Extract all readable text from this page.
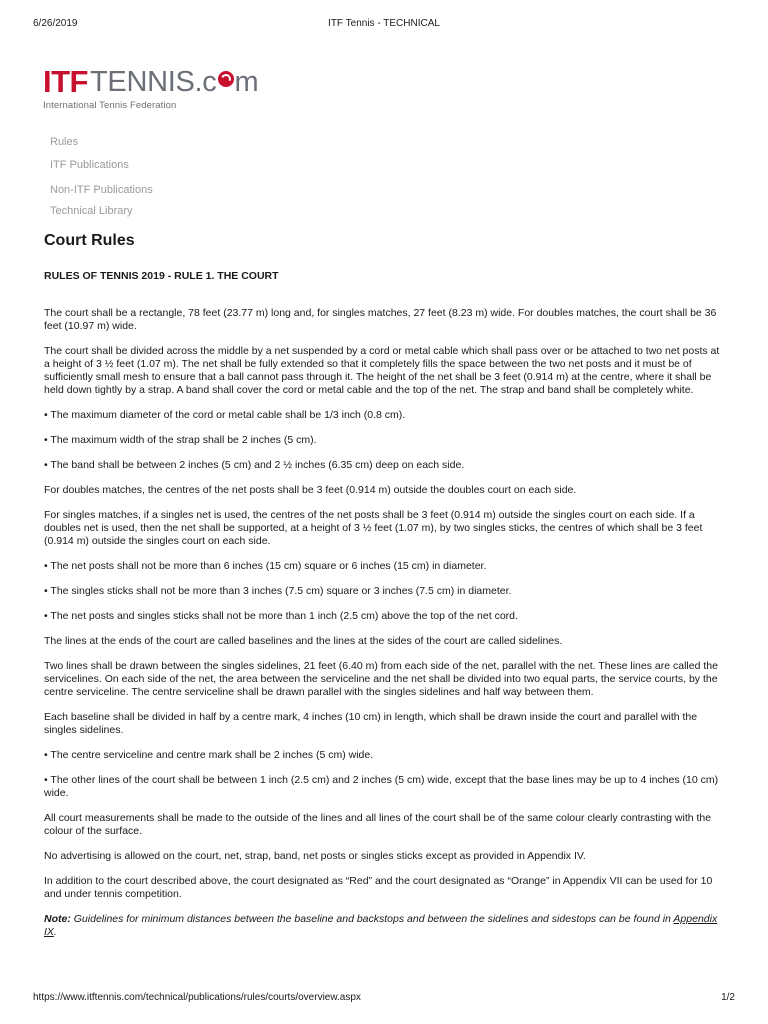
6/26/2019	ITF Tennis - TECHNICAL
ITF TENNIS.c m
International Tennis Federation
Rules
ITF Publications
Non-ITF Publications
Technical Library
Court Rules
RULES OF TENNIS 2019 - RULE 1. THE COURT

The court shall be a rectangle, 78 feet (23.77 m) long and, for singles matches, 27 feet (8.23 m) wide. For doubles matches, the court shall be 36 feet (10.97 m) wide.

The court shall be divided across the middle by a net suspended by a cord or metal cable which shall pass over or be attached to two net posts at a height of 3 ½ feet (1.07 m). The net shall be fully extended so that it completely fills the space between the two net posts and it must be of sufficiently small mesh to ensure that a ball cannot pass through it. The height of the net shall be 3 feet (0.914 m) at the centre, where it shall be held down tightly by a strap. A band shall cover the cord or metal cable and the top of the net. The strap and band shall be completely white.

• The maximum diameter of the cord or metal cable shall be 1/3 inch (0.8 cm).

• The maximum width of the strap shall be 2 inches (5 cm).

• The band shall be between 2 inches (5 cm) and 2 ½ inches (6.35 cm) deep on each side.

For doubles matches, the centres of the net posts shall be 3 feet (0.914 m) outside the doubles court on each side.

For singles matches, if a singles net is used, the centres of the net posts shall be 3 feet (0.914 m) outside the singles court on each side. If a doubles net is used, then the net shall be supported, at a height of 3 ½ feet (1.07 m), by two singles sticks, the centres of which shall be 3 feet (0.914 m) outside the singles court on each side.

• The net posts shall not be more than 6 inches (15 cm) square or 6 inches (15 cm) in diameter.

• The singles sticks shall not be more than 3 inches (7.5 cm) square or 3 inches (7.5 cm) in diameter.

• The net posts and singles sticks shall not be more than 1 inch (2.5 cm) above the top of the net cord.

The lines at the ends of the court are called baselines and the lines at the sides of the court are called sidelines.

Two lines shall be drawn between the singles sidelines, 21 feet (6.40 m) from each side of the net, parallel with the net. These lines are called the servicelines. On each side of the net, the area between the serviceline and the net shall be divided into two equal parts, the service courts, by the centre serviceline. The centre serviceline shall be drawn parallel with the singles sidelines and half way between them.

Each baseline shall be divided in half by a centre mark, 4 inches (10 cm) in length, which shall be drawn inside the court and parallel with the singles sidelines.

• The centre serviceline and centre mark shall be 2 inches (5 cm) wide.

• The other lines of the court shall be between 1 inch (2.5 cm) and 2 inches (5 cm) wide, except that the base lines may be up to 4 inches (10 cm) wide.

All court measurements shall be made to the outside of the lines and all lines of the court shall be of the same colour clearly contrasting with the colour of the surface.

No advertising is allowed on the court, net, strap, band, net posts or singles sticks except as provided in Appendix IV.

In addition to the court described above, the court designated as “Red” and the court designated as “Orange” in Appendix VII can be used for 10 and under tennis competition.

Note: Guidelines for minimum distances between the baseline and backstops and between the sidelines and sidestops can be found in Appendix IX.

https://www.itftennis.com/technical/publications/rules/courts/overview.aspx	1/2
